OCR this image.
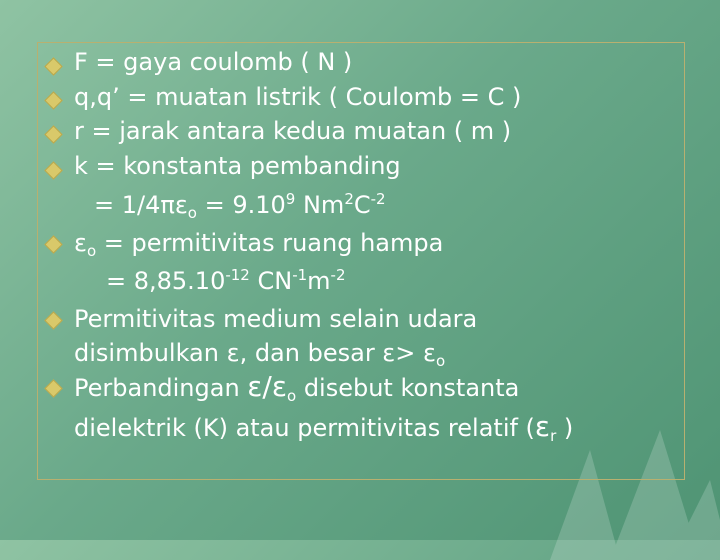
F = gaya coulomb ( N )
q,q’ = muatan listrik ( Coulomb = C )
r = jarak antara kedua muatan ( m )
k = konstanta pembanding
= $1/4\pi\varepsilon_o = 9.10^9$ $Nm^2C^{-2}$
$\varepsilon_o$ = permitivitas ruang hampa
= $8,85.10^{-12}$ $CN^{-1}m^{-2}$
Permitivitas medium selain udara
disimbulkan ε, dan besar $\varepsilon> \varepsilon_o$
Perbandingan $\varepsilon/\varepsilon_o$ disebut konstanta
dielektrik (K) atau permitivitas relatif ($\varepsilon_r$ )
